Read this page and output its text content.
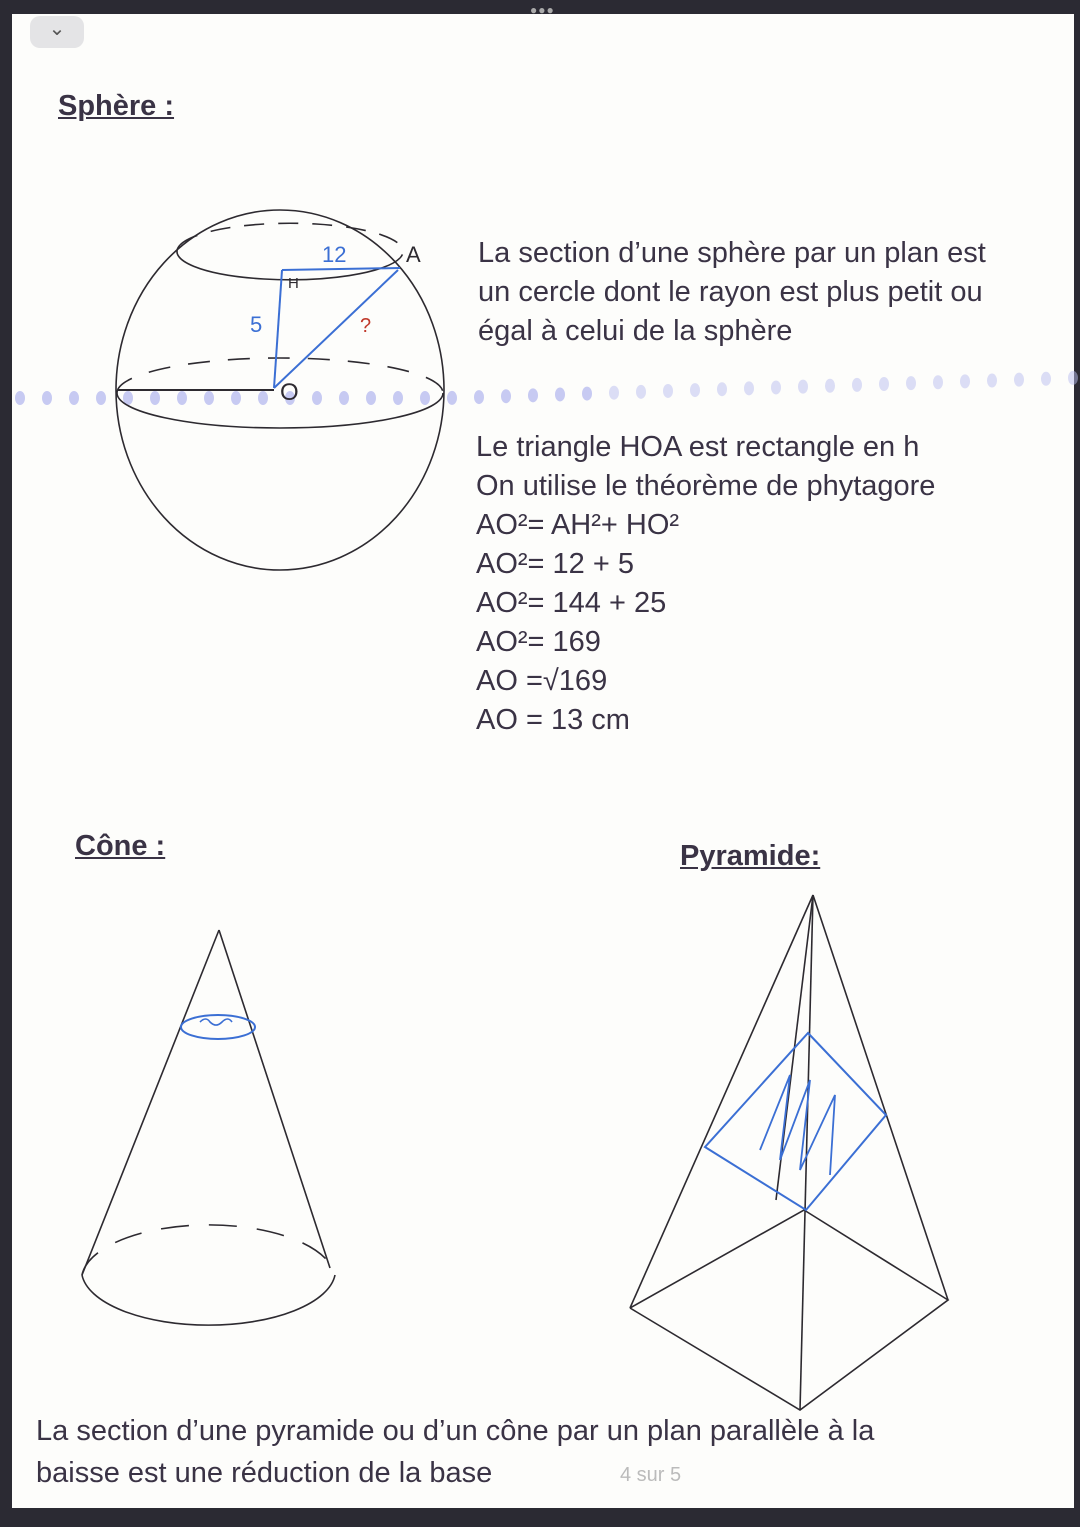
⌄
●●●
Sphère :
Cône :	Pyramide:
La section d’une sphère par un plan est
un cercle dont le rayon est plus petit ou
égal à celui de la sphère
Le triangle HOA est rectangle en h
On utilise le théorème de phytagore
AO²= AH²+ HO²
AO²= 12 + 5
AO²= 144 + 25
AO²= 169
AO =√169
AO = 13 cm
La section d’une pyramide ou d’un cône par un plan parallèle à la
baisse est une réduction de la base	4 sur 5
12
5	?
H
A
O
